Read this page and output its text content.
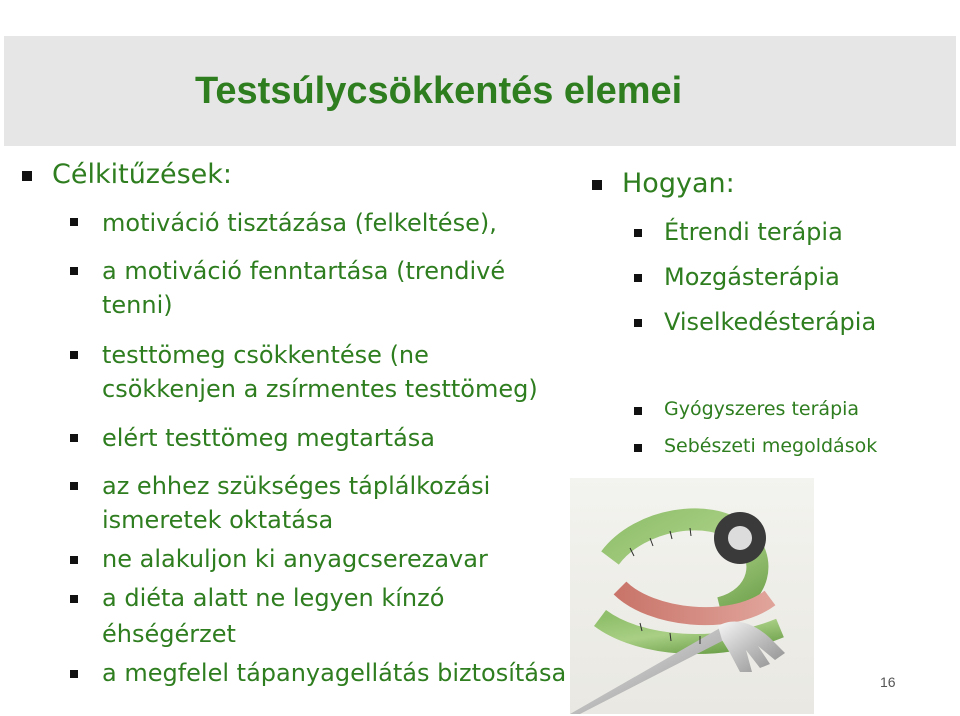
Testsúlycsökkentés elemei

Célkitűzések:

motiváció tisztázása (felkeltése),

a motiváció fenntartása (trendivé

tenni)

testtömeg csökkentése (ne

csökkenjen a zsírmentes testtömeg)

elért testtömeg megtartása

az ehhez szükséges táplálkozási

ismeretek oktatása

ne alakuljon ki anyagcserezavar

a diéta alatt ne legyen kínzó

éhségérzet

a megfelel tápanyagellátás biztosítása

Hogyan:

Étrendi terápia

Mozgásterápia

Viselkedésterápia

Gyógyszeres terápia

Sebészeti megoldások

16
